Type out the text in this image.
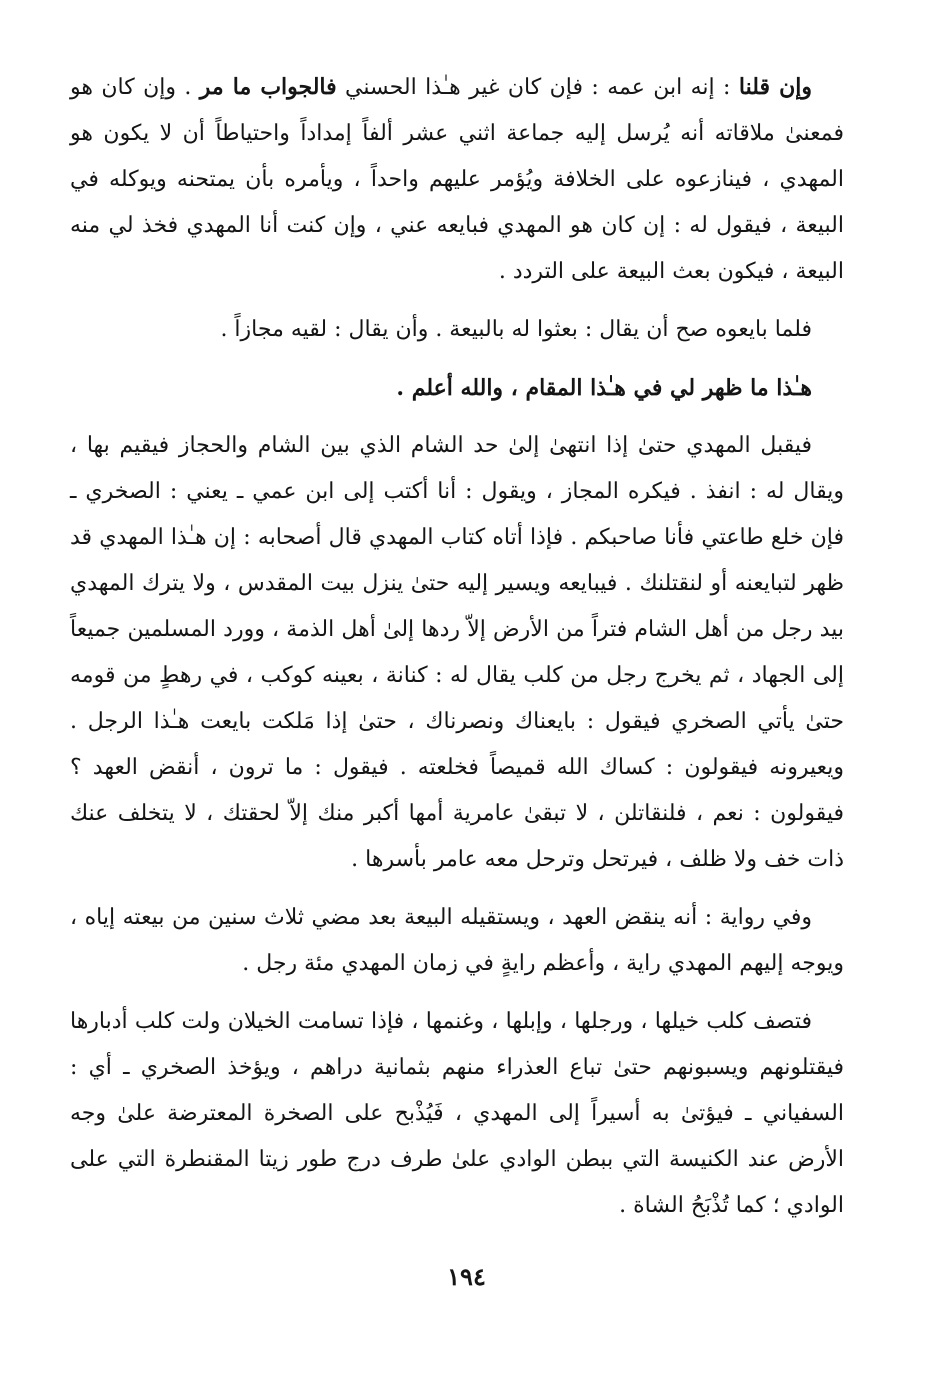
وإن قلنا : إنه ابن عمه : فإن كان غير هـٰذا الحسني فالجواب ما مر . وإن كان هو فمعنىٰ ملاقاته أنه يُرسل إليه جماعة اثني عشر ألفاً إمداداً واحتياطاً أن لا يكون هو المهدي ، فينازعوه على الخلافة ويُؤمر عليهم واحداً ، ويأمره بأن يمتحنه ويوكله في البيعة ، فيقول له : إن كان هو المهدي فبايعه عني ، وإن كنت أنا المهدي فخذ لي منه البيعة ، فيكون بعث البيعة على التردد .

فلما بايعوه صح أن يقال : بعثوا له بالبيعة . وأن يقال : لقيه مجازاً .

هـٰذا ما ظهر لي في هـٰذا المقام ، والله أعلم .

فيقبل المهدي حتىٰ إذا انتهىٰ إلىٰ حد الشام الذي بين الشام والحجاز فيقيم بها ، ويقال له : انفذ . فيكره المجاز ، ويقول : أنا أكتب إلى ابن عمي ـ يعني : الصخري ـ فإن خلع طاعتي فأنا صاحبكم . فإذا أتاه كتاب المهدي قال أصحابه : إن هـٰذا المهدي قد ظهر لتبايعنه أو لنقتلنك . فيبايعه ويسير إليه حتىٰ ينزل بيت المقدس ، ولا يترك المهدي بيد رجل من أهل الشام فتراً من الأرض إلاّ ردها إلىٰ أهل الذمة ، وورد المسلمين جميعاً إلى الجهاد ، ثم يخرج رجل من كلب يقال له : كنانة ، بعينه كوكب ، في رهطٍ من قومه حتىٰ يأتي الصخري فيقول : بايعناك ونصرناك ، حتىٰ إذا مَلكت بايعت هـٰذا الرجل . ويعيرونه فيقولون : كساك الله قميصاً فخلعته . فيقول : ما ترون ، أنقض العهد ؟ فيقولون : نعم ، فلنقاتلن ، لا تبقىٰ عامرية أمها أكبر منك إلاّ لحقتك ، لا يتخلف عنك ذات خف ولا ظلف ، فيرتحل وترحل معه عامر بأسرها .

وفي رواية : أنه ينقض العهد ، ويستقيله البيعة بعد مضي ثلاث سنين من بيعته إياه ، ويوجه إليهم المهدي راية ، وأعظم رايةٍ في زمان المهدي مئة رجل .

فتصف كلب خيلها ، ورجلها ، وإبلها ، وغنمها ، فإذا تسامت الخيلان ولت كلب أدبارها فيقتلونهم ويسبونهم حتىٰ تباع العذراء منهم بثمانية دراهم ، ويؤخذ الصخري ـ أي : السفياني ـ فيؤتىٰ به أسيراً إلى المهدي ، فَيُذْبح على الصخرة المعترضة علىٰ وجه الأرض عند الكنيسة التي ببطن الوادي علىٰ طرف درج طور زيتا المقنطرة التي على الوادي ؛ كما تُذْبَحُ الشاة .

١٩٤
